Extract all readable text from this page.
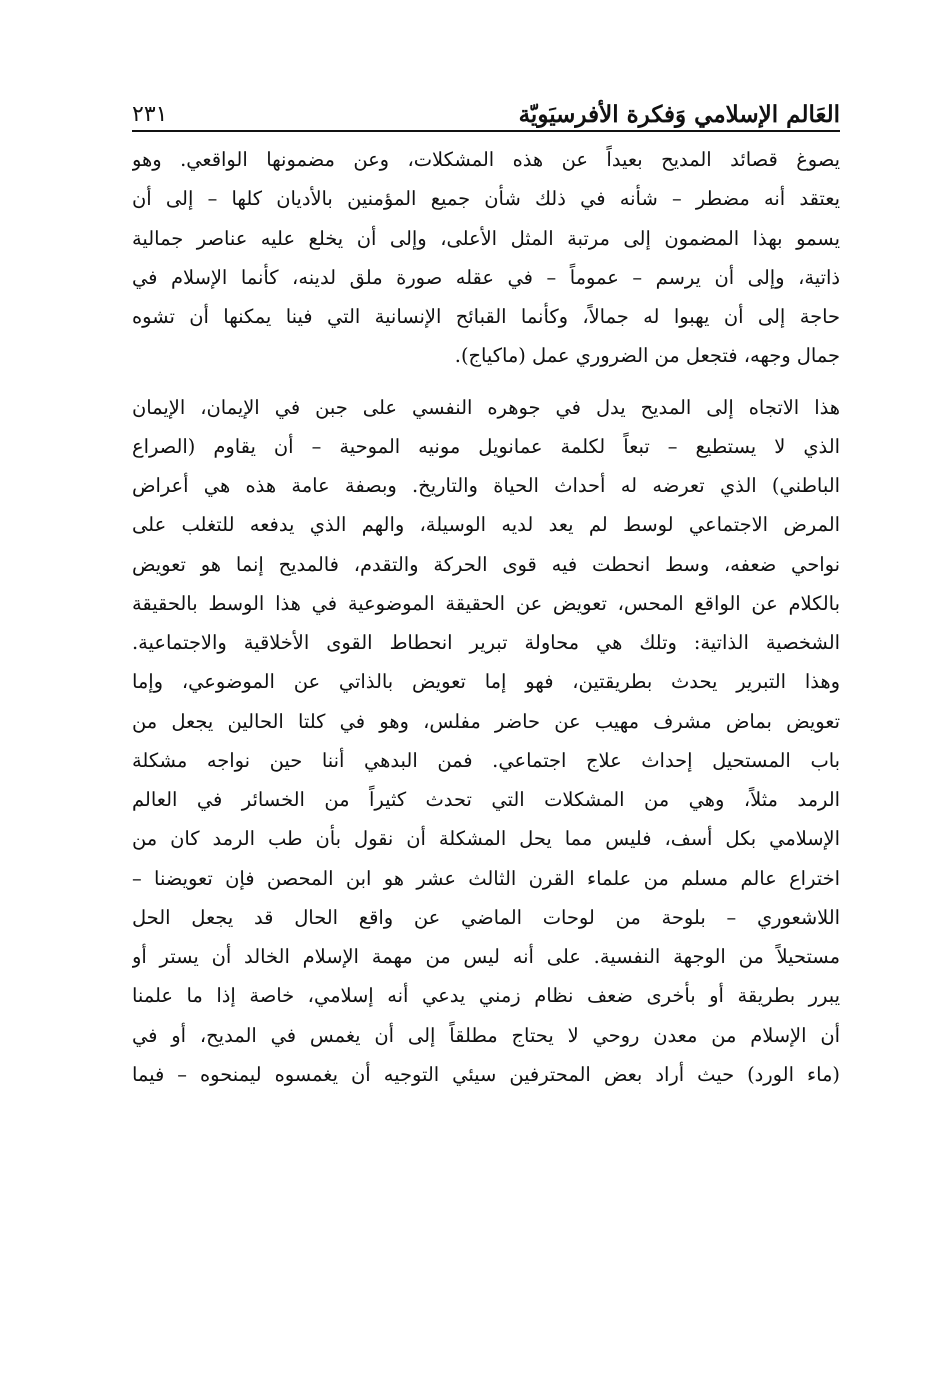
العَالم الإسلامي وَفكرة الأفرسيَويّة
٢٣١
يصوغ قصائد المديح بعيداً عن هذه المشكلات، وعن مضمونها الواقعي. وهو
يعتقد أنه مضطر – شأنه في ذلك شأن جميع المؤمنين بالأديان كلها – إلى أن
يسمو بهذا المضمون إلى مرتبة المثل الأعلى، وإلى أن يخلع عليه عناصر جمالية
ذاتية، وإلى أن يرسم – عموماً – في عقله صورة ملق لدينه، كأنما الإسلام في
حاجة إلى أن يهبوا له جمالاً، وكأنما القبائح الإنسانية التي فينا يمكنها أن تشوه
جمال وجهه، فتجعل من الضروري عمل (ماكياج).
هذا الاتجاه إلى المديح يدل في جوهره النفسي على جبن في الإيمان، الإيمان
الذي لا يستطيع – تبعاً لكلمة عمانويل مونيه الموحية – أن يقاوم (الصراع
الباطني) الذي تعرضه له أحداث الحياة والتاريخ. وبصفة عامة هذه هي أعراض
المرض الاجتماعي لوسط لم يعد لديه الوسيلة، والهم الذي يدفعه للتغلب على
نواحي ضعفه، وسط انحطت فيه قوى الحركة والتقدم، فالمديح إنما هو تعويض
بالكلام عن الواقع المحس، تعويض عن الحقيقة الموضوعية في هذا الوسط بالحقيقة
الشخصية الذاتية: وتلك هي محاولة تبرير انحطاط القوى الأخلاقية والاجتماعية.
وهذا التبرير يحدث بطريقتين، فهو إما تعويض بالذاتي عن الموضوعي، وإما
تعويض بماض مشرف مهيب عن حاضر مفلس، وهو في كلتا الحالين يجعل من
باب المستحيل إحداث علاج اجتماعي. فمن البدهي أننا حين نواجه مشكلة
الرمد مثلاً، وهي من المشكلات التي تحدث كثيراً من الخسائر في العالم
الإسلامي بكل أسف، فليس مما يحل المشكلة أن نقول بأن طب الرمد كان من
اختراع عالم مسلم من علماء القرن الثالث عشر هو ابن المحصن فإن تعويضنا –
اللاشعوري – بلوحة من لوحات الماضي عن واقع الحال قد يجعل الحل
مستحيلاً من الوجهة النفسية. على أنه ليس من مهمة الإسلام الخالد أن يستر أو
يبرر بطريقة أو بأخرى ضعف نظام زمني يدعي أنه إسلامي، خاصة إذا ما علمنا
أن الإسلام من معدن روحي لا يحتاج مطلقاً إلى أن يغمس في المديح، أو في
(ماء الورد) حيث أراد بعض المحترفين سيئي التوجيه أن يغمسوه ليمنحوه – فيما
